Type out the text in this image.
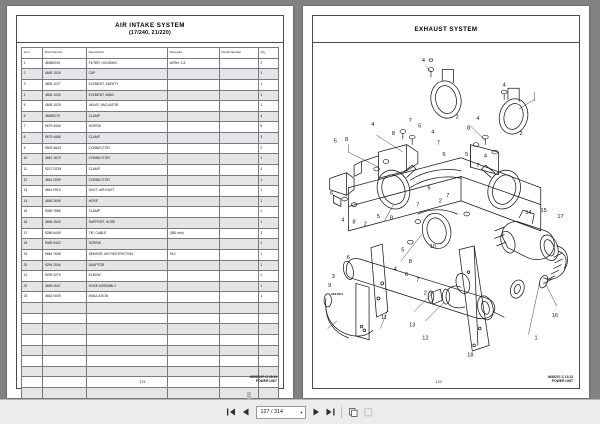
AIR INTAKE SYSTEM
(17/240, 21/220)
Item	Part Number	Description	Remarks	Serial Number	Qty
1	4698S019	FILTER, HOUSING	W/Ref. 2-5		2
2	4655 1028	CAP			1
3	4655 1027	ELEMENT, SAFETY			1
4	4655 1026	ELEMENT, MAIN			1
5	4655 1029	VALVE, VACUATOR			1
6	4659S079	CLAMP			4
7	9679 4406	SCREW			8
8	9679 4468	CLAMP			3
9	9509 5A40	CONNECTOR			2
10	4661 1679	CONNECTOR			1
11	9227 S235	CLAMP			4
12	4661 0099	CONNECTOR			1
13	4661 0919	DUCT, AIR INLET			1
14	4655 2699	HOSE			1
15	9089 7866	CLAMP			1
16	4656 1549	SUPPORT, HOSE			1
17	9286 6449	TIE, CABLE	(350 mm)		3
18	9069 0402	SCREW			1
19	9684 7608	SENSOR, AIR RESTRICTION	S10		1
20	9294 2506	ADAPTOR			1
21	9299 4279	ELBOW			1
22	4659 2647	HOSE ASSEMBLY			1
23	4662 0009	INSULATION			1

121
4698200?-C 11/13
POWER UNIT
EXHAUST SYSTEM
4
7
5
8	4
7
6
4
8
5
2	4
4
2
8
4
7
5
6
7
2
7
5 8
6
4 8 2
5
8
4
6
7
2
6
3
9
11
13
12
10
14 15
17
16
1
18
SEE DET.
122
4698207-C 11/13
POWER UNIT
127 / 314	▼
